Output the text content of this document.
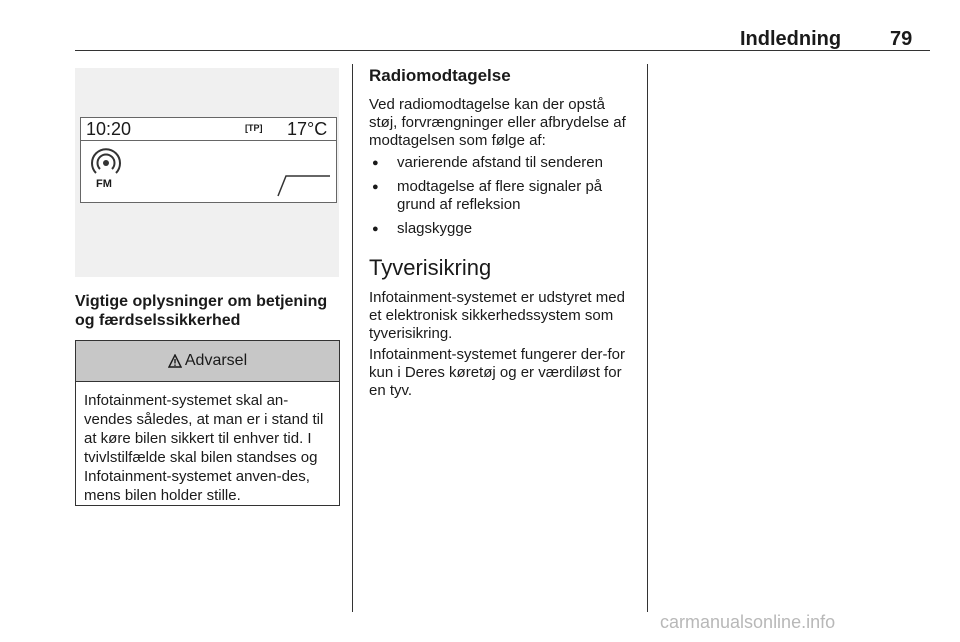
Indledning 79
10:20	[TP] 17°C
FM
Vigtige oplysninger om betjening og færdselssikkerhed
Advarsel
Infotainment-systemet skal an-vendes således, at man er i stand til at køre bilen sikkert til enhver tid. I tvivlstilfælde skal bilen standses og Infotainment-systemet anven-des, mens bilen holder stille.
Radiomodtagelse
Ved radiomodtagelse kan der opstå støj, forvrængninger eller afbrydelse af modtagelsen som følge af:
● varierende afstand til senderen
● modtagelse af flere signaler på grund af refleksion
● slagskygge
Tyverisikring
Infotainment-systemet er udstyret med et elektronisk sikkerhedssystem som tyverisikring.
Infotainment-systemet fungerer der-for kun i Deres køretøj og er værdiløst for en tyv.
carmanualsonline.info
